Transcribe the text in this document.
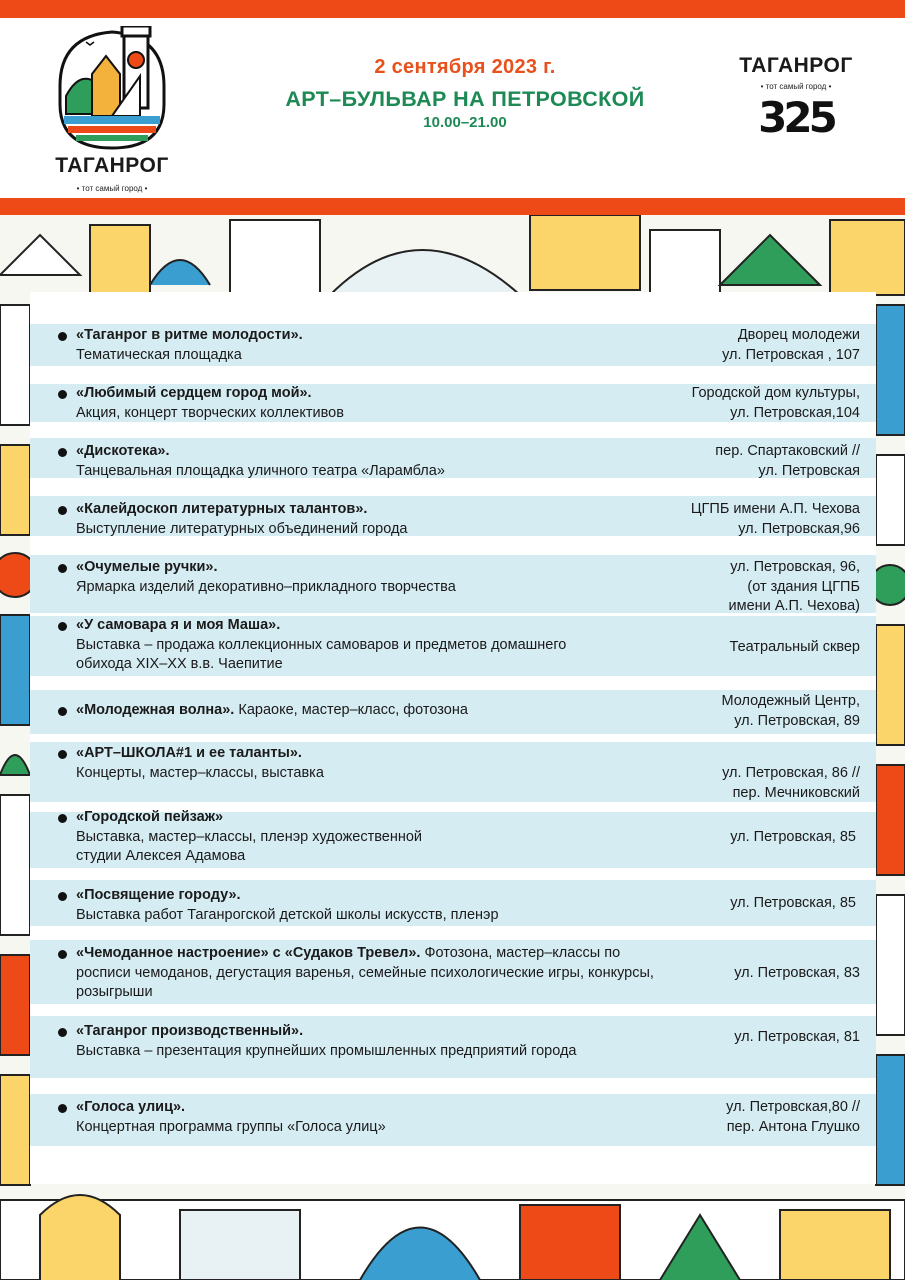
ТАГАНРОГ
• тот самый город •
2 сентября 2023 г.
АРТ–БУЛЬВАР НА ПЕТРОВСКОЙ
10.00–21.00
ТАГАНРОГ
• тот самый город •
325
«Таганрог в ритме молодости».
Тематическая площадка
Дворец молодежи
ул. Петровская , 107
«Любимый сердцем город мой».
Акция, концерт творческих коллективов
Городской дом культуры,
ул. Петровская,104
«Дискотека».
Танцевальная площадка уличного театра «Ларамбла»
пер. Спартаковский //
ул. Петровская
«Калейдоскоп литературных талантов».
Выступление литературных объединений города
ЦГПБ имени А.П. Чехова
ул. Петровская,96
«Очумелые ручки».
Ярмарка изделий декоративно–прикладного творчества
ул. Петровская, 96,
(от здания ЦГПБ
имени А.П. Чехова)
«У самовара я и моя Маша».
Выставка – продажа коллекционных самоваров и предметов домашнего обихода XIX–XX в.в. Чаепитие
Театральный сквер
«Молодежная волна». Караоке, мастер–класс, фотозона
Молодежный Центр,
ул. Петровская, 89
«АРТ–ШКОЛА#1 и ее таланты».
Концерты, мастер–классы, выставка	ул. Петровская, 86 //
пер. Мечниковский
«Городской пейзаж»
Выставка, мастер–классы, пленэр художественной студии Алексея Адамова
ул. Петровская, 85
«Посвящение городу».
Выставка работ Таганрогской детской школы искусств, пленэр
ул. Петровская, 85
«Чемоданное настроение» с «Судаков Тревел». Фотозона, мастер–классы по росписи чемоданов, дегустация варенья, семейные психологические игры, конкурсы, розыгрыши
ул. Петровская, 83
«Таганрог производственный».
Выставка – презентация крупнейших промышленных предприятий города
ул. Петровская, 81
«Голоса улиц».
Концертная программа группы «Голоса улиц»
ул. Петровская,80 //
пер. Антона Глушко
